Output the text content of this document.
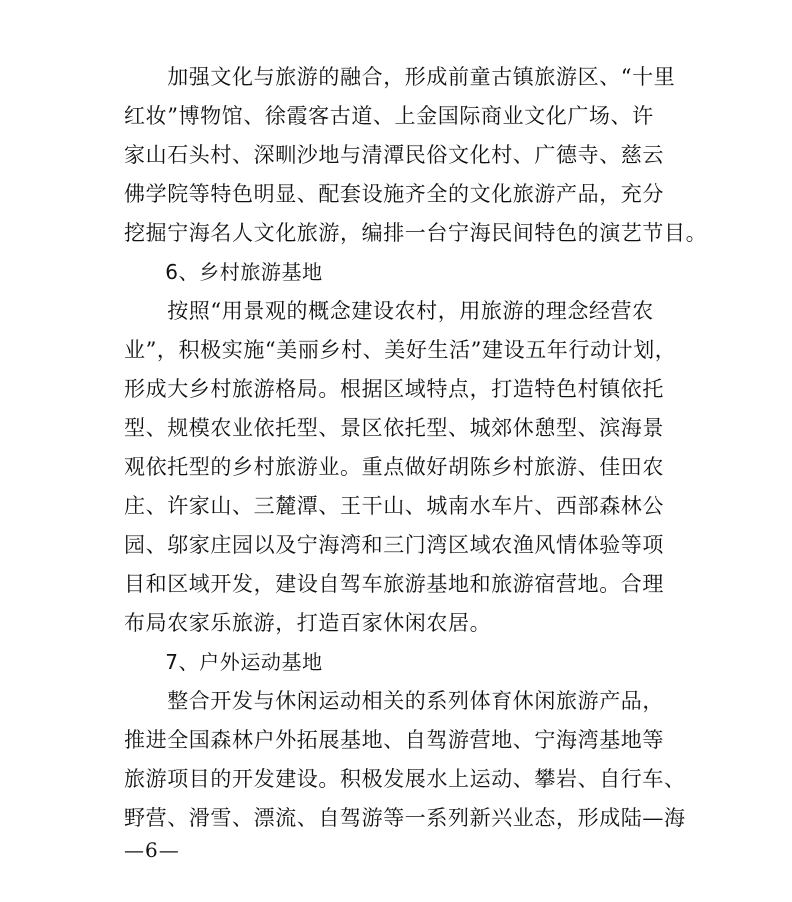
　　加强文化与旅游的融合，形成前童古镇旅游区、“十里
红妆”博物馆、徐霞客古道、上金国际商业文化广场、许
家山石头村、深甽沙地与清潭民俗文化村、广德寺、慈云
佛学院等特色明显、配套设施齐全的文化旅游产品，充分
挖掘宁海名人文化旅游，编排一台宁海民间特色的演艺节目。
　　6、乡村旅游基地
　　按照“用景观的概念建设农村，用旅游的理念经营农
业”，积极实施“美丽乡村、美好生活”建设五年行动计划，
形成大乡村旅游格局。根据区域特点，打造特色村镇依托
型、规模农业依托型、景区依托型、城郊休憩型、滨海景
观依托型的乡村旅游业。重点做好胡陈乡村旅游、佳田农
庄、许家山、三麓潭、王干山、城南水车片、西部森林公
园、邬家庄园以及宁海湾和三门湾区域农渔风情体验等项
目和区域开发，建设自驾车旅游基地和旅游宿营地。合理
布局农家乐旅游，打造百家休闲农居。
　　7、户外运动基地
　　整合开发与休闲运动相关的系列体育休闲旅游产品，
推进全国森林户外拓展基地、自驾游营地、宁海湾基地等
旅游项目的开发建设。积极发展水上运动、攀岩、自行车、
野营、滑雪、漂流、自驾游等一系列新兴业态，形成陆—海
—6—
